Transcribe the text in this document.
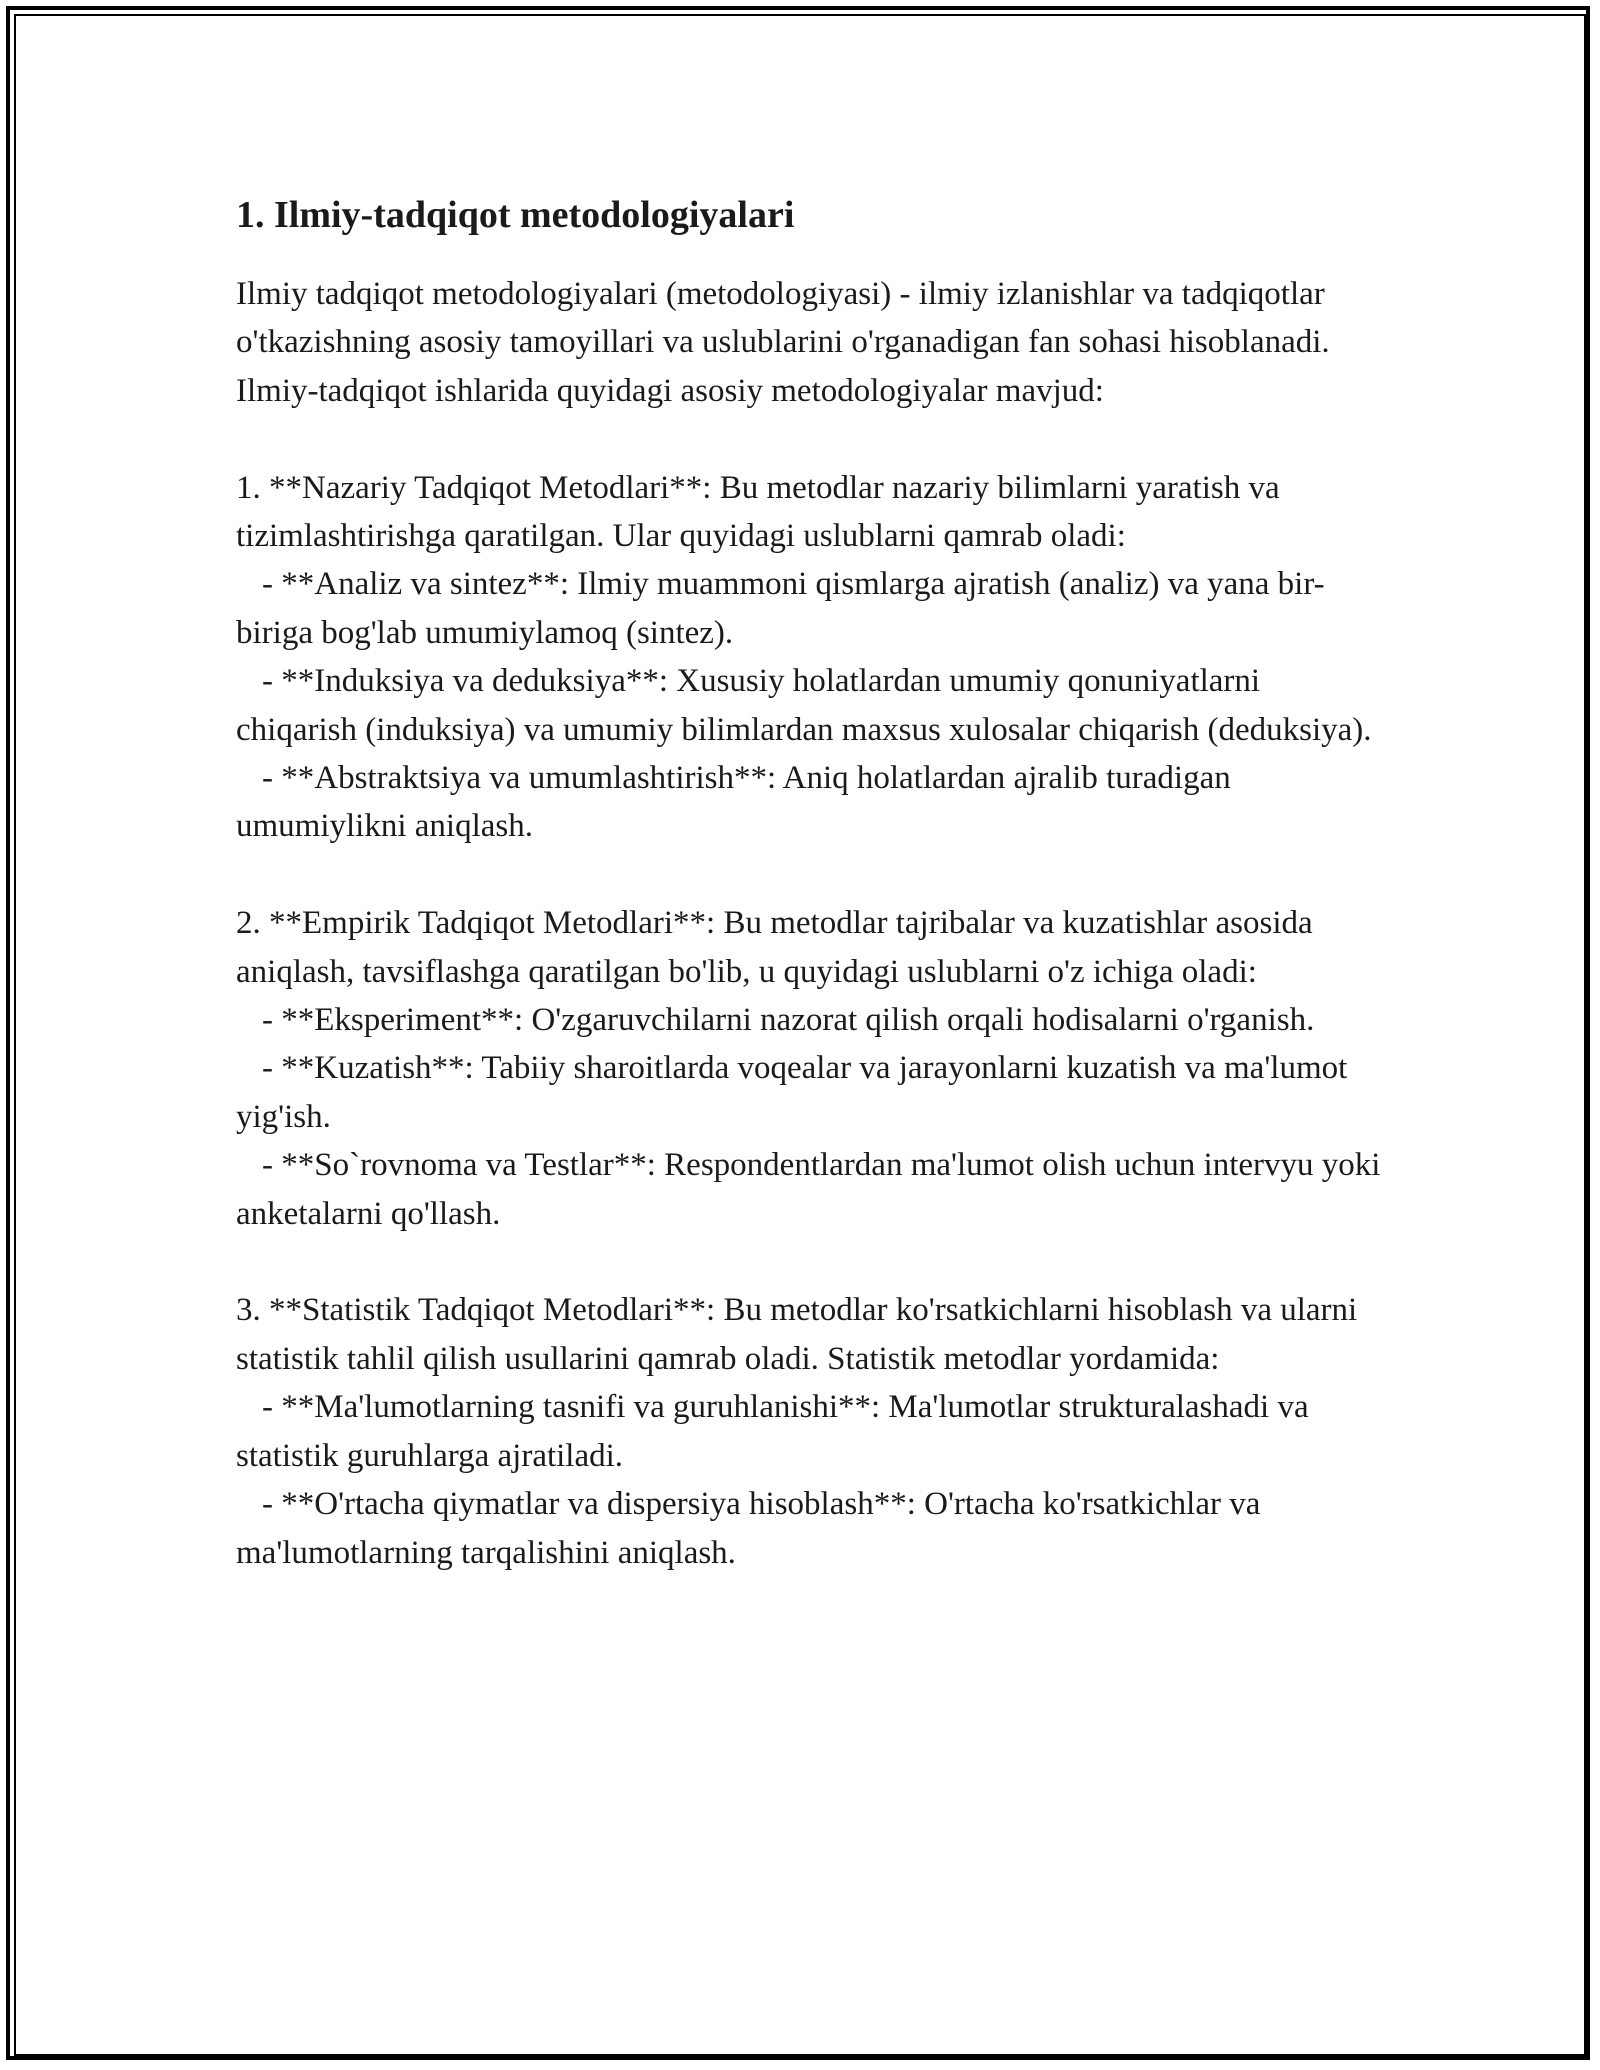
1. Ilmiy-tadqiqot metodologiyalari

Ilmiy tadqiqot metodologiyalari (metodologiyasi) - ilmiy izlanishlar va tadqiqotlar o'tkazishning asosiy tamoyillari va uslublarini o'rganadigan fan sohasi hisoblanadi. Ilmiy-tadqiqot ishlarida quyidagi asosiy metodologiyalar mavjud:

1. **Nazariy Tadqiqot Metodlari**: Bu metodlar nazariy bilimlarni yaratish va tizimlashtirishga qaratilgan. Ular quyidagi uslublarni qamrab oladi:

- **Analiz va sintez**: Ilmiy muammoni qismlarga ajratish (analiz) va yana bir-biriga bog'lab umumiylamoq (sintez).

- **Induksiya va deduksiya**: Xususiy holatlardan umumiy qonuniyatlarni chiqarish (induksiya) va umumiy bilimlardan maxsus xulosalar chiqarish (deduksiya).

- **Abstraktsiya va umumlashtirish**: Aniq holatlardan ajralib turadigan umumiylikni aniqlash.

2. **Empirik Tadqiqot Metodlari**: Bu metodlar tajribalar va kuzatishlar asosida aniqlash, tavsiflashga qaratilgan bo'lib, u quyidagi uslublarni o'z ichiga oladi:

- **Eksperiment**: O'zgaruvchilarni nazorat qilish orqali hodisalarni o'rganish.

- **Kuzatish**: Tabiiy sharoitlarda voqealar va jarayonlarni kuzatish va ma'lumot yig'ish.

- **So`rovnoma va Testlar**: Respondentlardan ma'lumot olish uchun intervyu yoki anketalarni qo'llash.

3. **Statistik Tadqiqot Metodlari**: Bu metodlar ko'rsatkichlarni hisoblash va ularni statistik tahlil qilish usullarini qamrab oladi. Statistik metodlar yordamida:

- **Ma'lumotlarning tasnifi va guruhlanishi**: Ma'lumotlar strukturalashadi va statistik guruhlarga ajratiladi.

- **O'rtacha qiymatlar va dispersiya hisoblash**: O'rtacha ko'rsatkichlar va ma'lumotlarning tarqalishini aniqlash.
